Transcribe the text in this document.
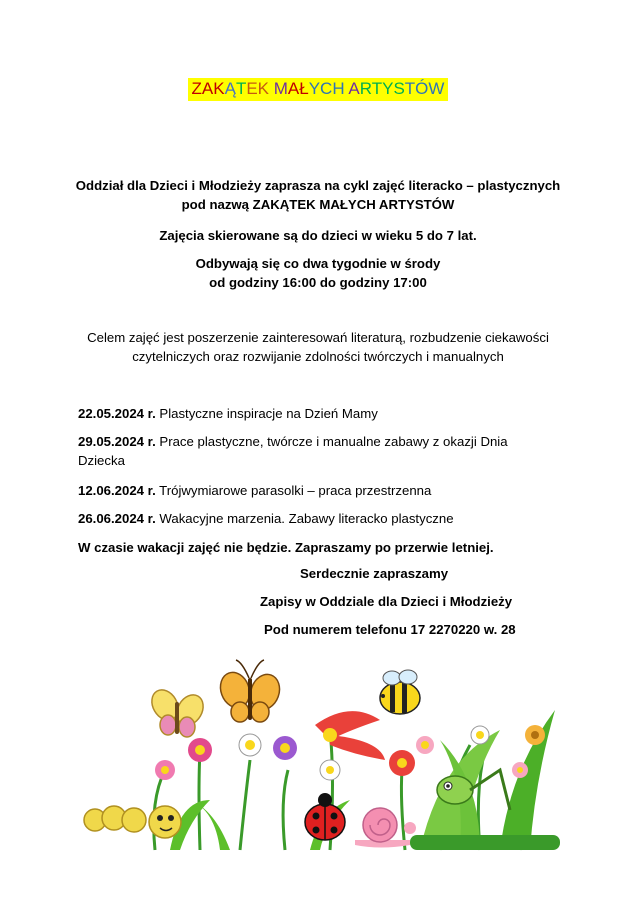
ZAKĄTEK MAŁYCH ARTYSTÓW
Oddział dla Dzieci i Młodzieży zaprasza na cykl zajęć literacko – plastycznych
pod nazwą ZAKĄTEK MAŁYCH ARTYSTÓW
Zajęcia skierowane są do dzieci w wieku 5 do 7 lat.
Odbywają się co dwa tygodnie w środy
od godziny 16:00 do godziny 17:00
Celem zajęć jest poszerzenie zainteresowań literaturą, rozbudzenie ciekawości
czytelniczych oraz rozwijanie zdolności twórczych i manualnych
22.05.2024 r. Plastyczne inspiracje na Dzień Mamy
29.05.2024 r. Prace plastyczne, twórcze i manualne zabawy z okazji Dnia Dziecka
12.06.2024 r. Trójwymiarowe parasolki – praca przestrzenna
26.06.2024 r. Wakacyjne marzenia. Zabawy literacko plastyczne
W czasie wakacji zajęć nie będzie. Zapraszamy po przerwie letniej.
Serdecznie zapraszamy
Zapisy w Oddziale dla Dzieci i Młodzieży
Pod numerem telefonu 17 2270220 w. 28
